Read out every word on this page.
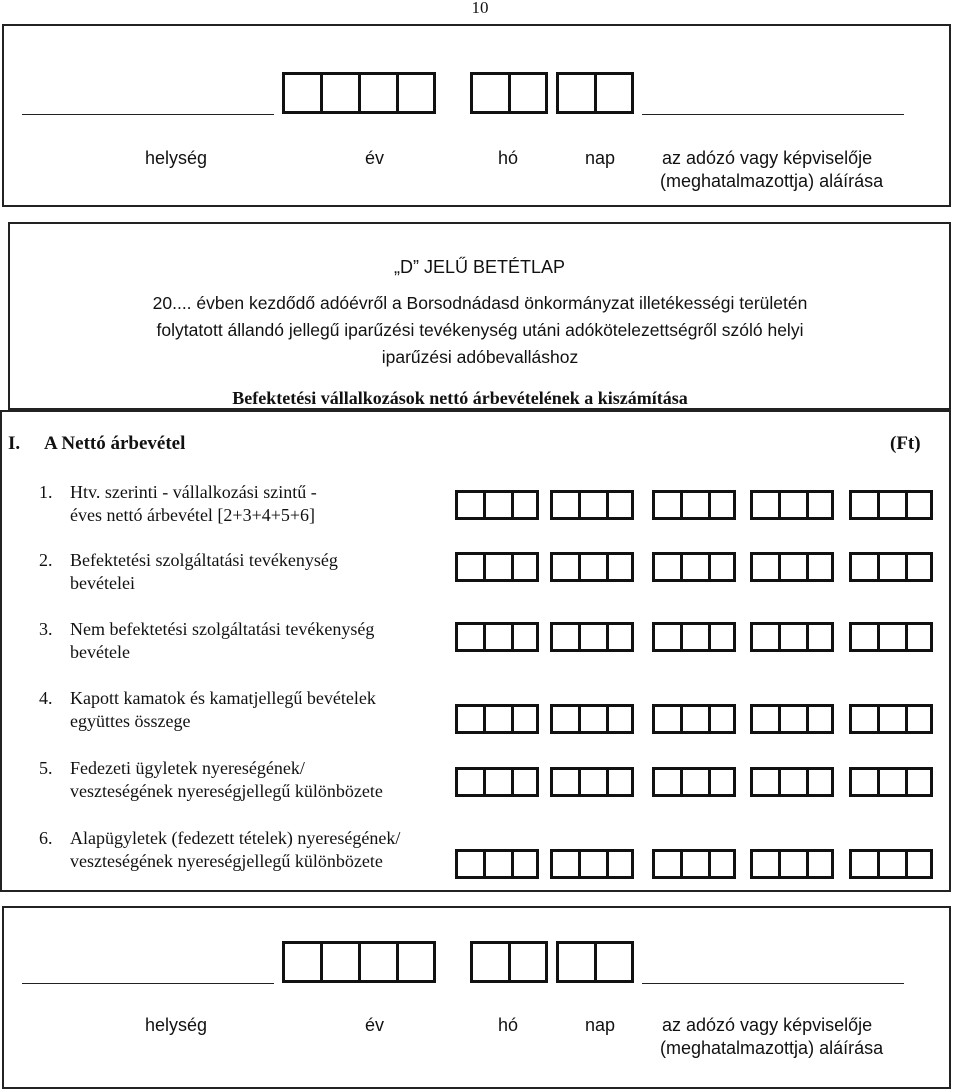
10
helység	év	hó	nap	az adózó vagy képviselője
(meghatalmazottja) aláírása
„D” JELŰ BETÉTLAP
20.... évben kezdődő adóévről a Borsodnádasd önkormányzat illetékességi területén folytatott állandó jellegű iparűzési tevékenység utáni adókötelezettségről szóló helyi iparűzési adóbevalláshoz
Befektetési vállalkozások nettó árbevételének a kiszámítása
I. A Nettó árbevétel	(Ft)
1. Htv. szerinti - vállalkozási szintű -
éves nettó árbevétel [2+3+4+5+6]
2. Befektetési szolgáltatási tevékenység
bevételei
3. Nem befektetési szolgáltatási tevékenység
bevétele
4. Kapott kamatok és kamatjellegű bevételek
együttes összege
5. Fedezeti ügyletek nyereségének/
veszteségének nyereségjellegű különbözete
6. Alapügyletek (fedezett tételek) nyereségének/
veszteségének nyereségjellegű különbözete
helység	év	hó	nap	az adózó vagy képviselője
(meghatalmazottja) aláírása
